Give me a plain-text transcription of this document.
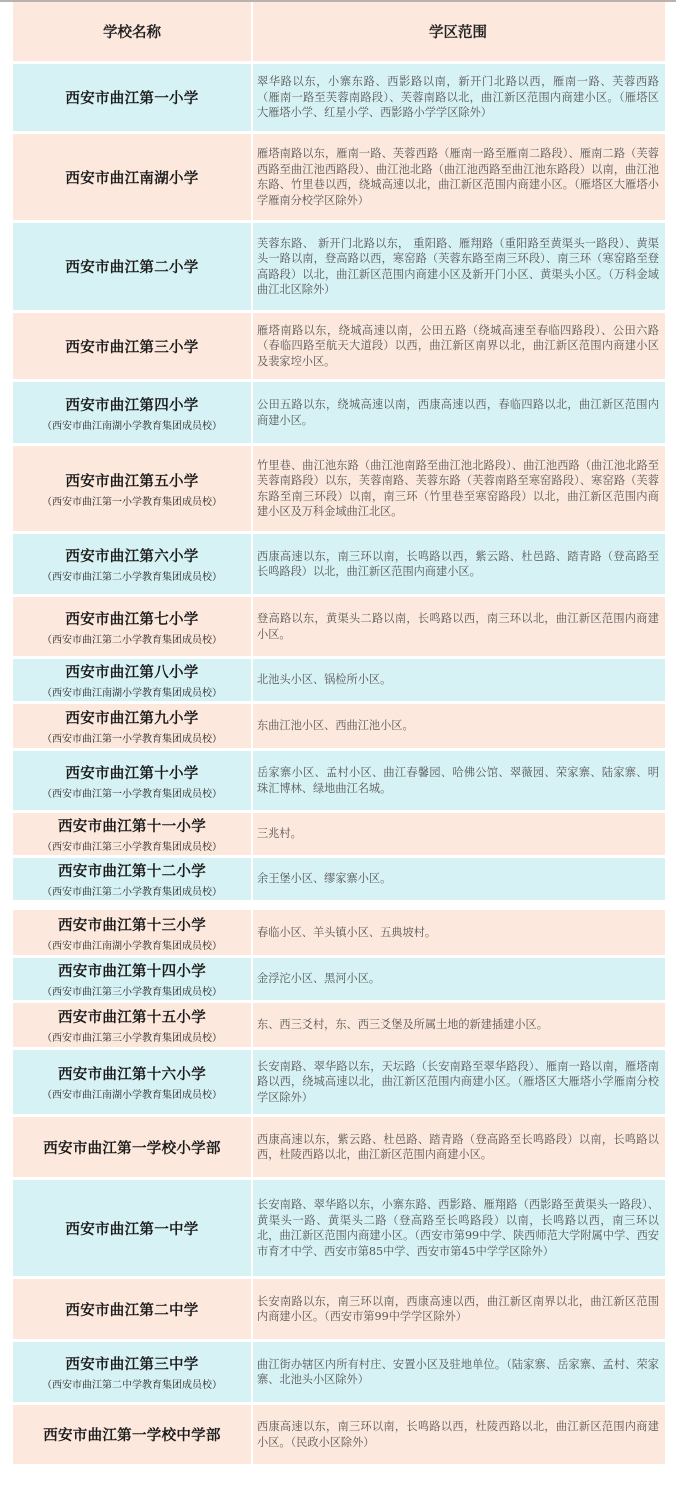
学校名称	学区范围
西安市曲江第一小学
翠华路以东，小寨东路、西影路以南，新开门北路以西，雁南一路、芙蓉西路（雁南一路至芙蓉南路段）、芙蓉南路以北，曲江新区范围内商建小区。（雁塔区大雁塔小学、红星小学、西影路小学学区除外）
西安市曲江南湖小学
雁塔南路以东，雁南一路、芙蓉西路（雁南一路至雁南二路段）、雁南二路（芙蓉西路至曲江池西路段）、曲江池北路（曲江池西路至曲江池东路段）以南，曲江池东路、竹里巷以西，绕城高速以北，曲江新区范围内商建小区。（雁塔区大雁塔小学雁南分校学区除外）
西安市曲江第二小学
芙蓉东路、 新开门北路以东， 重阳路、雁翔路（重阳路至黄渠头一路段）、黄渠头一路以南，登高路以西，寒窑路（芙蓉东路至南三环段）、南三环（寒窑路至登高路段）以北，曲江新区范围内商建小区及新开门小区、黄渠头小区。（万科金域曲江北区除外）
西安市曲江第三小学
雁塔南路以东，绕城高速以南，公田五路（绕城高速至春临四路段）、公田六路（春临四路至航天大道段）以西，曲江新区南界以北，曲江新区范围内商建小区及裴家埪小区。
西安市曲江第四小学
（西安市曲江南湖小学教育集团成员校）
公田五路以东，绕城高速以南，西康高速以西，春临四路以北，曲江新区范围内商建小区。
西安市曲江第五小学
（西安市曲江第一小学教育集团成员校）
竹里巷、曲江池东路（曲江池南路至曲江池北路段）、曲江池西路（曲江池北路至芙蓉南路段）以东，芙蓉南路、芙蓉东路（芙蓉南路至寒窑路段）、寒窑路（芙蓉东路至南三环段）以南，南三环（竹里巷至寒窑路段）以北，曲江新区范围内商建小区及万科金域曲江北区。
西安市曲江第六小学
（西安市曲江第二小学教育集团成员校）
西康高速以东，南三环以南，长鸣路以西，紫云路、杜邑路、踏青路（登高路至长鸣路段）以北，曲江新区范围内商建小区。
西安市曲江第七小学
（西安市曲江第二小学教育集团成员校）
登高路以东，黄渠头二路以南，长鸣路以西，南三环以北，曲江新区范围内商建小区。
西安市曲江第八小学
（西安市曲江南湖小学教育集团成员校）
北池头小区、锅检所小区。
西安市曲江第九小学
（西安市曲江第一小学教育集团成员校）
东曲江池小区、西曲江池小区。
西安市曲江第十小学
（西安市曲江第一小学教育集团成员校）
岳家寨小区、孟村小区、曲江春馨园、哈佛公馆、翠薇园、荣家寨、陆家寨、明珠汇博林、绿地曲江名城。
西安市曲江第十一小学
（西安市曲江第三小学教育集团成员校）
三兆村。
西安市曲江第十二小学
（西安市曲江第二小学教育集团成员校）
余王堡小区、缪家寨小区。
西安市曲江第十三小学
（西安市曲江南湖小学教育集团成员校）
春临小区、羊头镇小区、五典坡村。
西安市曲江第十四小学
（西安市曲江第三小学教育集团成员校）
金浮沱小区、黑河小区。
西安市曲江第十五小学
（西安市曲江第三小学教育集团成员校）
东、西三爻村，东、西三爻堡及所属土地的新建插建小区。
西安市曲江第十六小学
（西安市曲江南湖小学教育集团成员校）
长安南路、翠华路以东，天坛路（长安南路至翠华路段）、雁南一路以南，雁塔南路以西，绕城高速以北，曲江新区范围内商建小区。（雁塔区大雁塔小学雁南分校学区除外）
西安市曲江第一学校小学部
西康高速以东，紫云路、杜邑路、踏青路（登高路至长鸣路段）以南，长鸣路以西，杜陵西路以北，曲江新区范围内商建小区。
西安市曲江第一中学
长安南路、翠华路以东，小寨东路、西影路、雁翔路（西影路至黄渠头一路段）、黄渠头一路、黄渠头二路（登高路至长鸣路段）以南，长鸣路以西，南三环以北，曲江新区范围内商建小区。（西安市第99中学、陕西师范大学附属中学、西安市育才中学、西安市第85中学、西安市第45中学学区除外）
西安市曲江第二中学
长安南路以东，南三环以南，西康高速以西，曲江新区南界以北，曲江新区范围内商建小区。（西安市第99中学学区除外）
西安市曲江第三中学
（西安市曲江第二中学教育集团成员校）
曲江街办辖区内所有村庄、安置小区及驻地单位。（陆家寨、岳家寨、孟村、荣家寨、北池头小区除外）
西安市曲江第一学校中学部
西康高速以东，南三环以南，长鸣路以西，杜陵西路以北，曲江新区范围内商建小区。（民政小区除外）
